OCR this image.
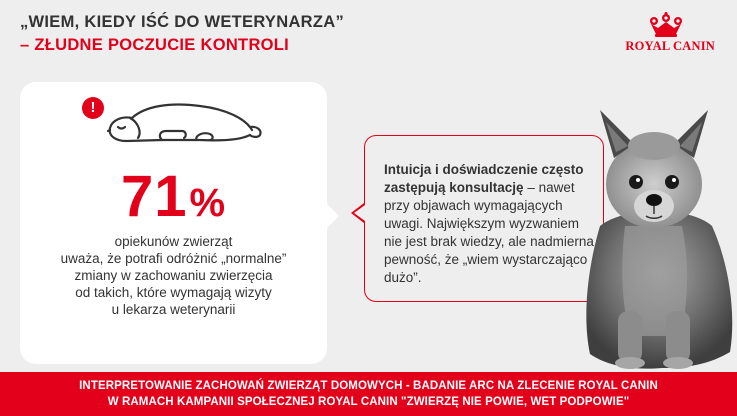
„WIEM, KIEDY IŚĆ DO WETERYNARZA”
– ZŁUDNE POCZUCIE KONTROLI	ROYAL CANIN
!
71%

opiekunów zwierząt
uważa, że potrafi odróżnić „normalne”
zmiany w zachowaniu zwierzęcia
od takich, które wymagają wizyty
u lekarza weterynarii

Intuicja i doświadczenie często zastępują konsultację – nawet przy objawach wymagających uwagi. Największym wyzwaniem nie jest brak wiedzy, ale nadmierna pewność, że „wiem wystarczająco dużo”.
INTERPRETOWANIE ZACHOWAŃ ZWIERZĄT DOMOWYCH - BADANIE ARC NA ZLECENIE ROYAL CANIN
W RAMACH KAMPANII SPOŁECZNEJ ROYAL CANIN "ZWIERZĘ NIE POWIE, WET PODPOWIE"
